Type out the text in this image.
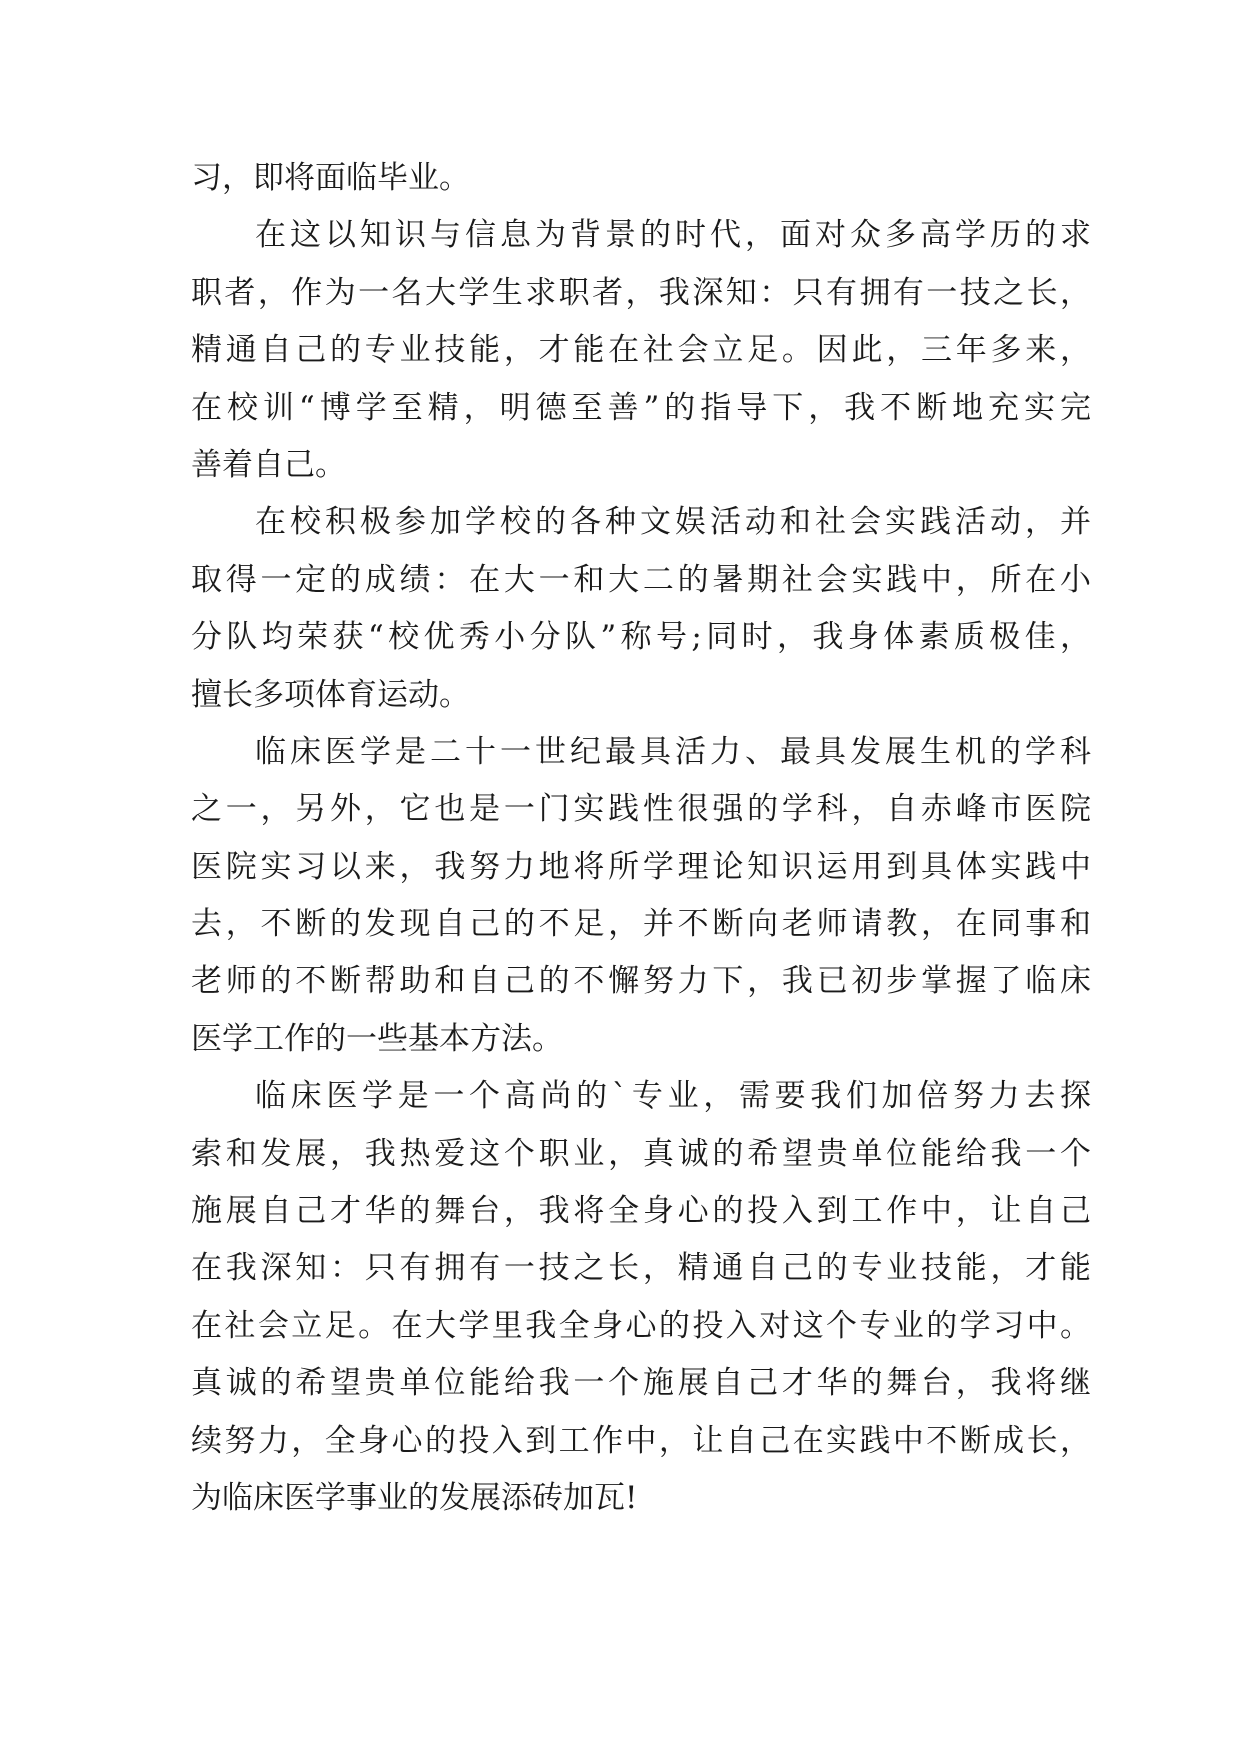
习，即将面临毕业。
在这以知识与信息为背景的时代，面对众多高学历的求
职者，作为一名大学生求职者，我深知：只有拥有一技之长，
精通自己的专业技能，才能在社会立足。因此，三年多来，
在校训“博学至精，明德至善”的指导下，我不断地充实完
善着自己。
在校积极参加学校的各种文娱活动和社会实践活动，并
取得一定的成绩：在大一和大二的暑期社会实践中，所在小
分队均荣获“校优秀小分队”称号;同时，我身体素质极佳，
擅长多项体育运动。
临床医学是二十一世纪最具活力、最具发展生机的学科
之一，另外，它也是一门实践性很强的学科，自赤峰市医院
医院实习以来，我努力地将所学理论知识运用到具体实践中
去，不断的发现自己的不足，并不断向老师请教，在同事和
老师的不断帮助和自己的不懈努力下，我已初步掌握了临床
医学工作的一些基本方法。
临床医学是一个高尚的`专业，需要我们加倍努力去探
索和发展，我热爱这个职业，真诚的希望贵单位能给我一个
施展自己才华的舞台，我将全身心的投入到工作中，让自己
在我深知：只有拥有一技之长，精通自己的专业技能，才能
在社会立足。在大学里我全身心的投入对这个专业的学习中。
真诚的希望贵单位能给我一个施展自己才华的舞台，我将继
续努力，全身心的投入到工作中，让自己在实践中不断成长，
为临床医学事业的发展添砖加瓦!
